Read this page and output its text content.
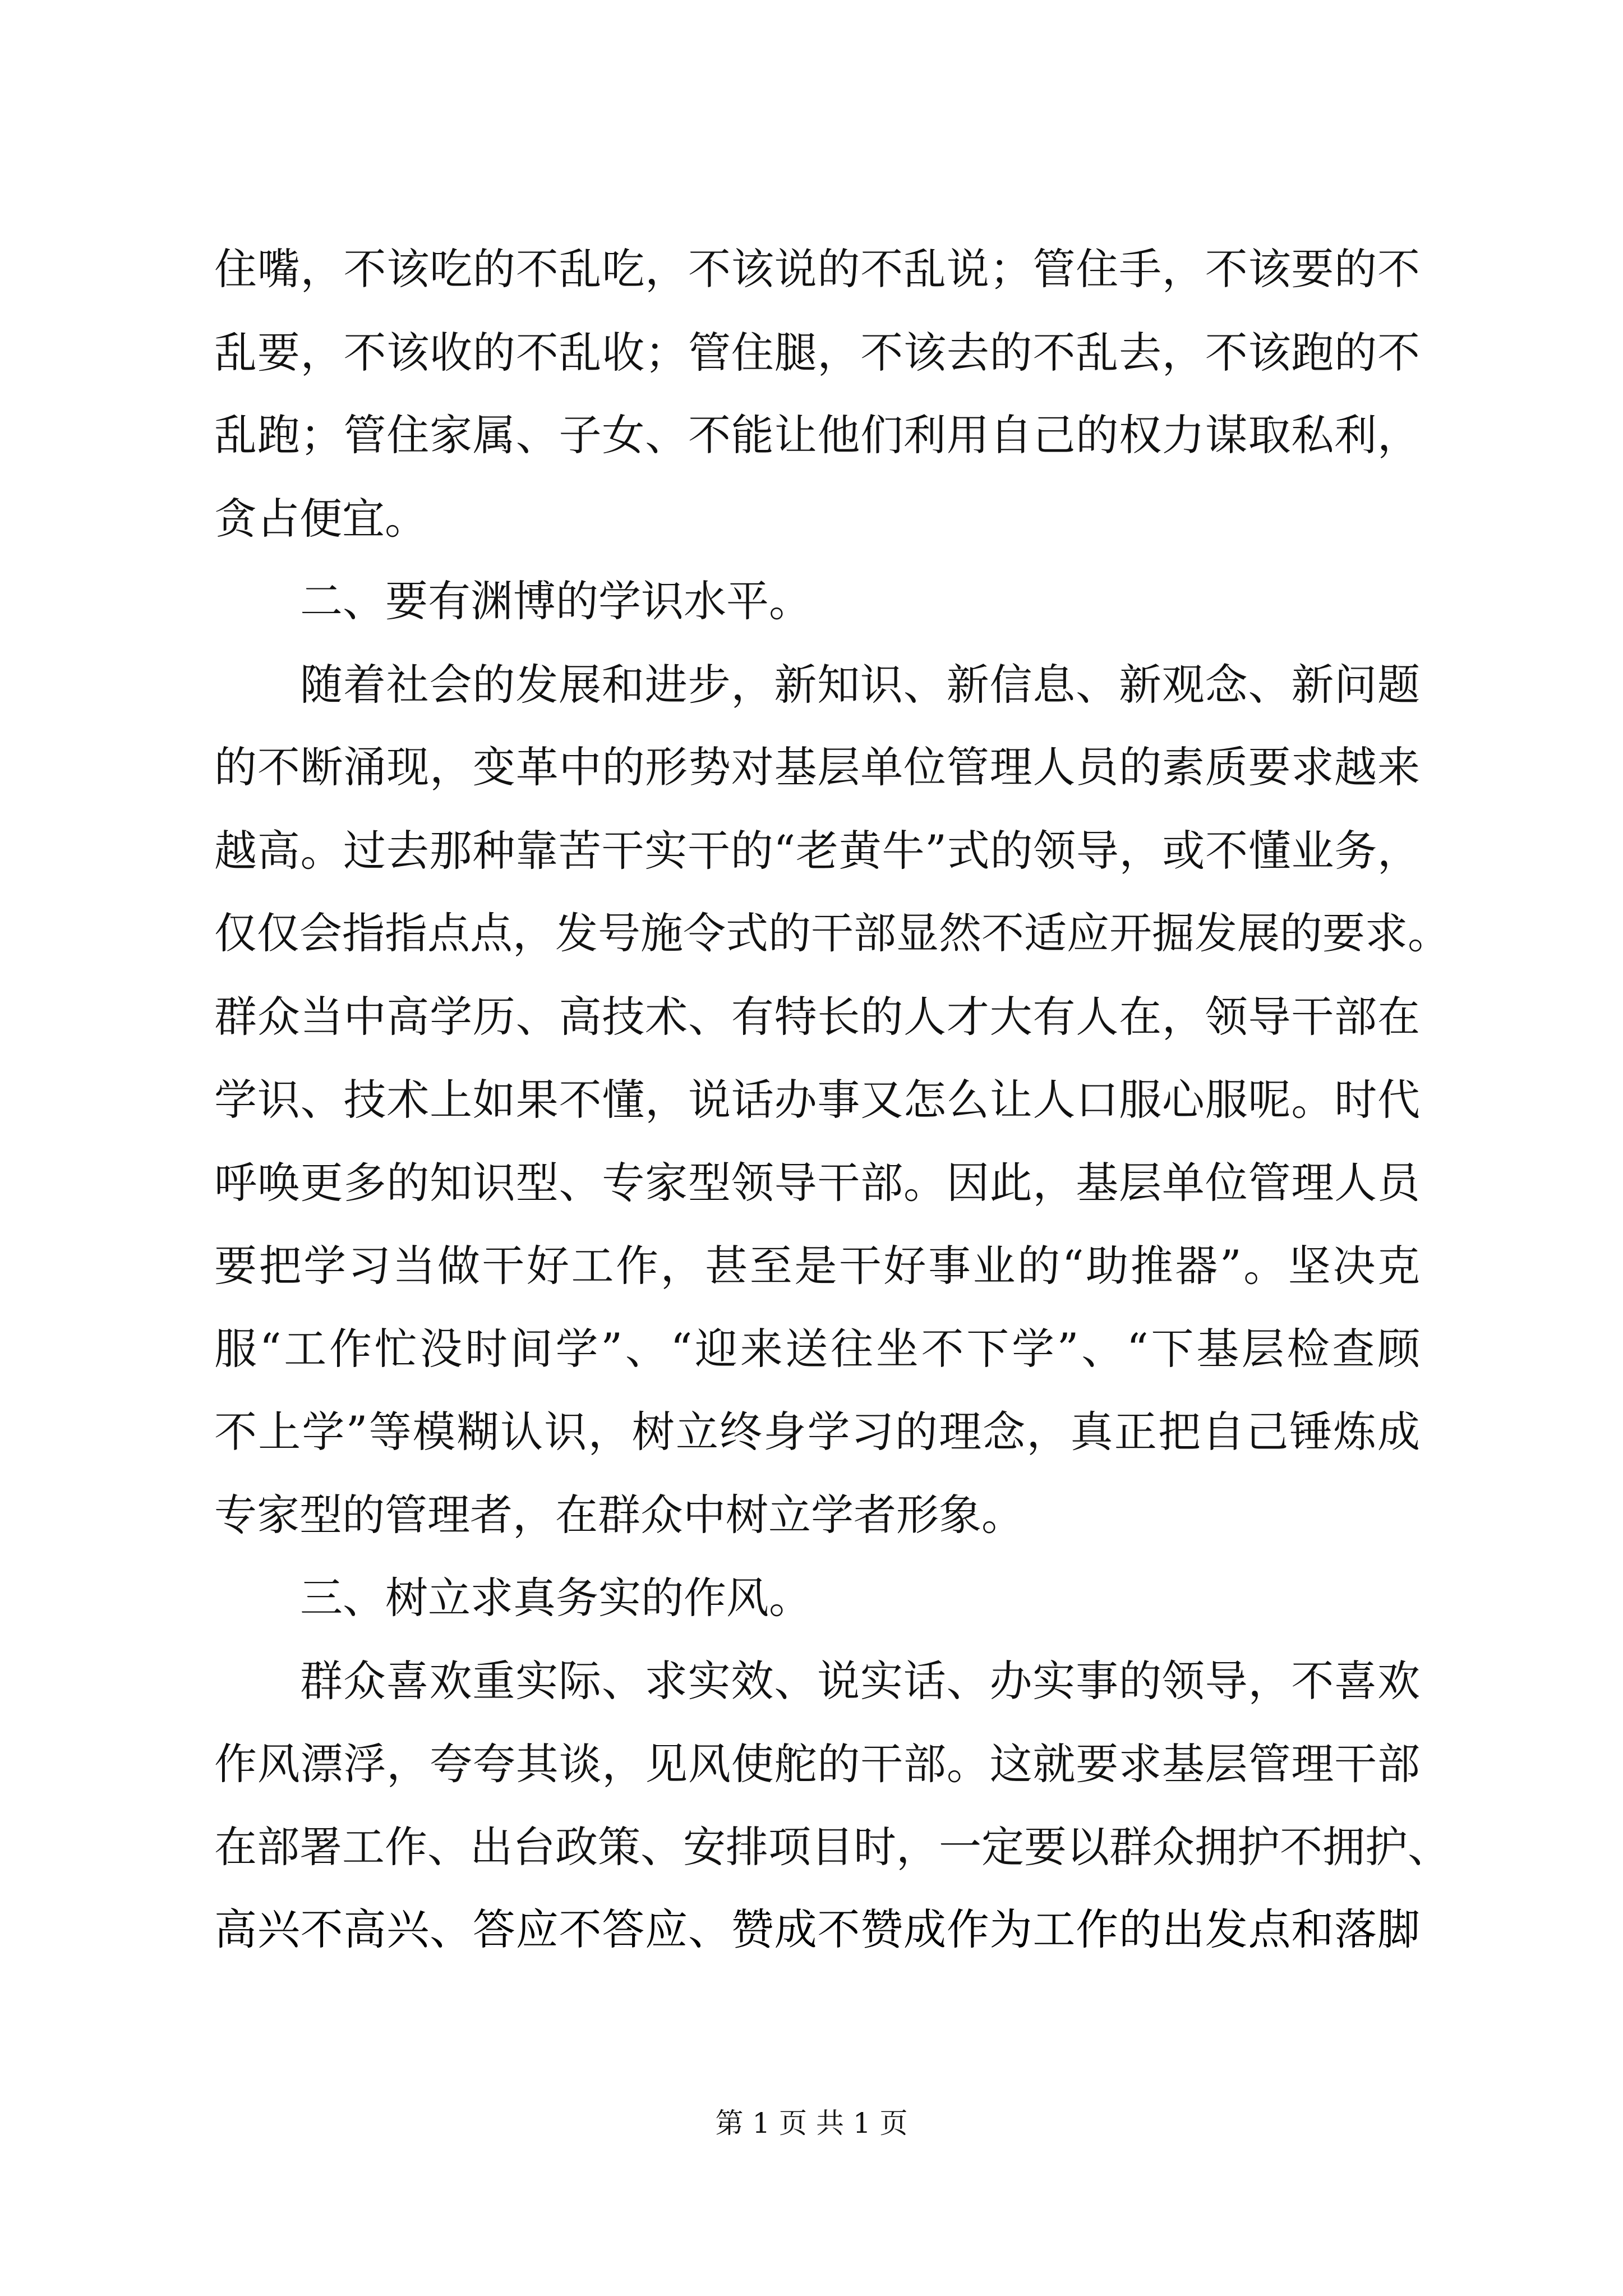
住嘴，不该吃的不乱吃，不该说的不乱说；管住手，不该要的不
乱要，不该收的不乱收；管住腿，不该去的不乱去，不该跑的不
乱跑；管住家属、子女、不能让他们利用自己的权力谋取私利，
贪占便宜。
二、要有渊博的学识水平。
随着社会的发展和进步，新知识、新信息、新观念、新问题
的不断涌现，变革中的形势对基层单位管理人员的素质要求越来
越高。过去那种靠苦干实干的“老黄牛”式的领导，或不懂业务，
仅仅会指指点点，发号施令式的干部显然不适应开掘发展的要求。
群众当中高学历、高技术、有特长的人才大有人在，领导干部在
学识、技术上如果不懂，说话办事又怎么让人口服心服呢。时代
呼唤更多的知识型、专家型领导干部。因此，基层单位管理人员
要把学习当做干好工作，甚至是干好事业的“助推器”。坚决克
服“工作忙没时间学”、“迎来送往坐不下学”、“下基层检查顾
不上学”等模糊认识，树立终身学习的理念，真正把自己锤炼成
专家型的管理者，在群众中树立学者形象。
三、树立求真务实的作风。
群众喜欢重实际、求实效、说实话、办实事的领导，不喜欢
作风漂浮，夸夸其谈，见风使舵的干部。这就要求基层管理干部
在部署工作、出台政策、安排项目时，一定要以群众拥护不拥护、
第 1 页 共 1 页
高兴不高兴、答应不答应、赞成不赞成作为工作的出发点和落脚
